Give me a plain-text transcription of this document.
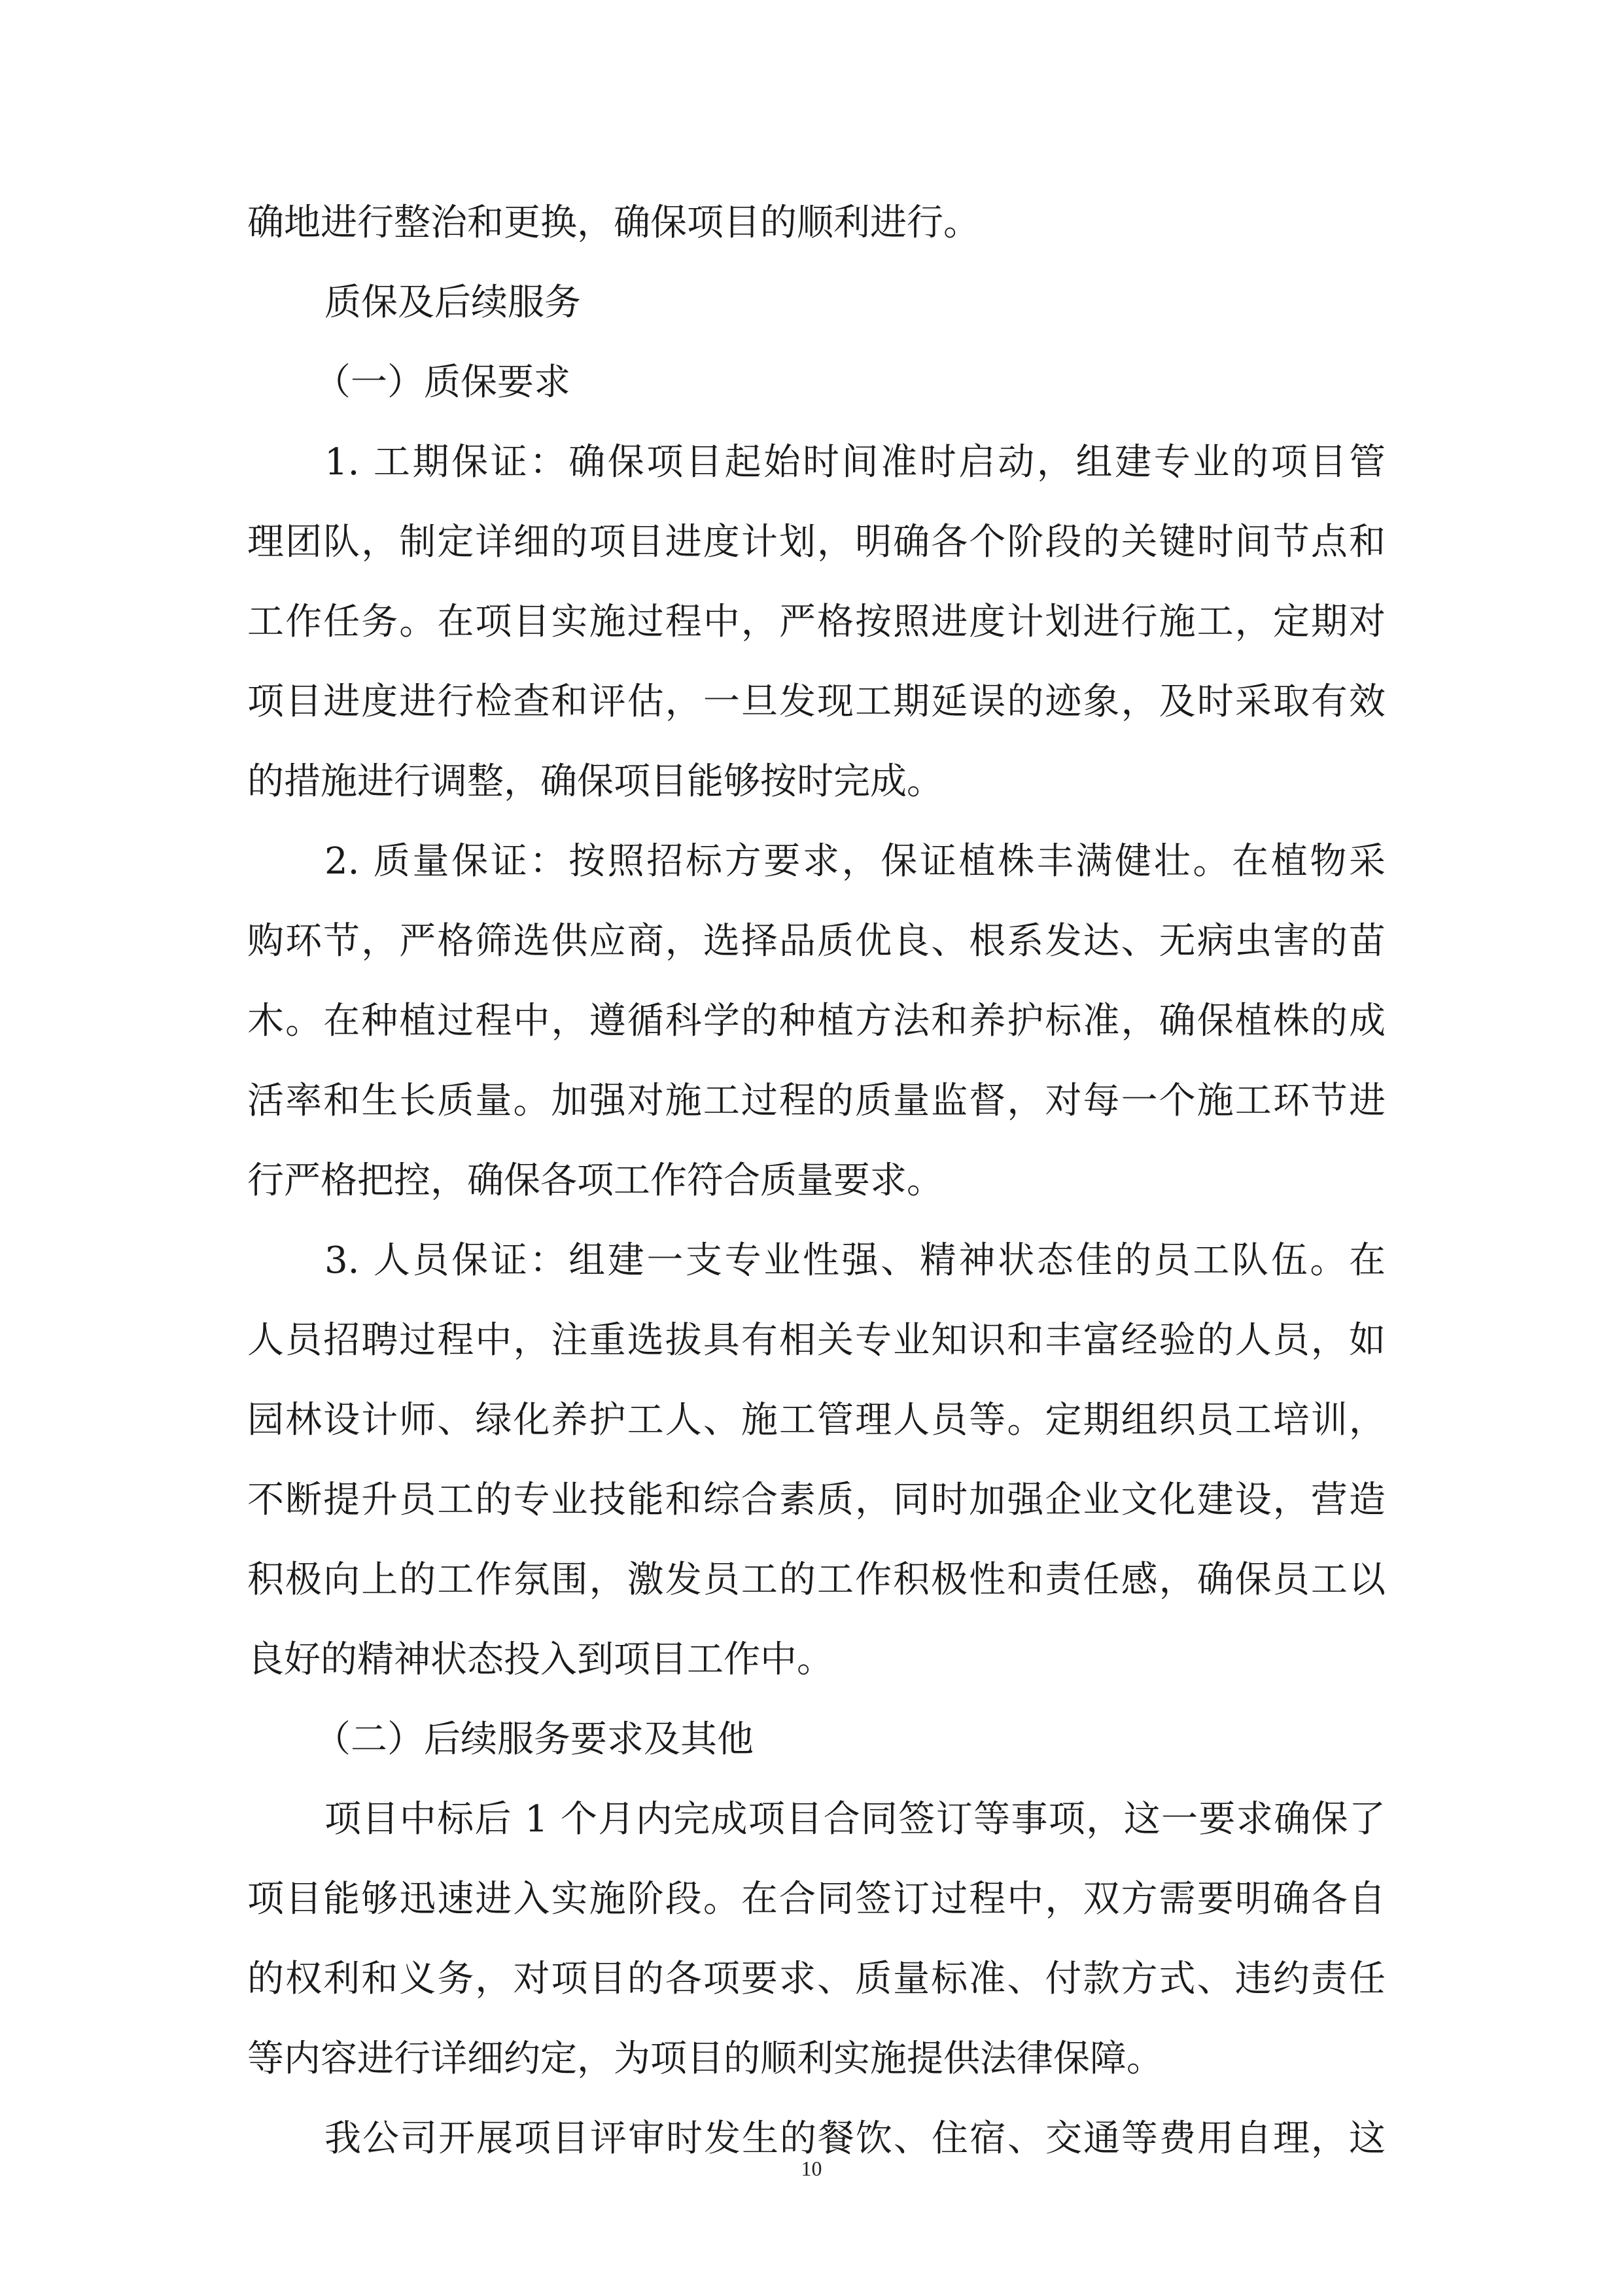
确地进行整治和更换，确保项目的顺利进行。
质保及后续服务
（一）质保要求
1. 工期保证：确保项目起始时间准时启动，组建专业的项目管
理团队，制定详细的项目进度计划，明确各个阶段的关键时间节点和
工作任务。在项目实施过程中，严格按照进度计划进行施工，定期对
项目进度进行检查和评估，一旦发现工期延误的迹象，及时采取有效
的措施进行调整，确保项目能够按时完成。
2. 质量保证：按照招标方要求，保证植株丰满健壮。在植物采
购环节，严格筛选供应商，选择品质优良、根系发达、无病虫害的苗
木。在种植过程中，遵循科学的种植方法和养护标准，确保植株的成
活率和生长质量。加强对施工过程的质量监督，对每一个施工环节进
行严格把控，确保各项工作符合质量要求。
3. 人员保证：组建一支专业性强、精神状态佳的员工队伍。在
人员招聘过程中，注重选拔具有相关专业知识和丰富经验的人员，如
园林设计师、绿化养护工人、施工管理人员等。定期组织员工培训，
不断提升员工的专业技能和综合素质，同时加强企业文化建设，营造
积极向上的工作氛围，激发员工的工作积极性和责任感，确保员工以
良好的精神状态投入到项目工作中。
（二）后续服务要求及其他
项目中标后 1 个月内完成项目合同签订等事项，这一要求确保了
项目能够迅速进入实施阶段。在合同签订过程中，双方需要明确各自
的权利和义务，对项目的各项要求、质量标准、付款方式、违约责任
等内容进行详细约定，为项目的顺利实施提供法律保障。
我公司开展项目评审时发生的餐饮、住宿、交通等费用自理，这
10
